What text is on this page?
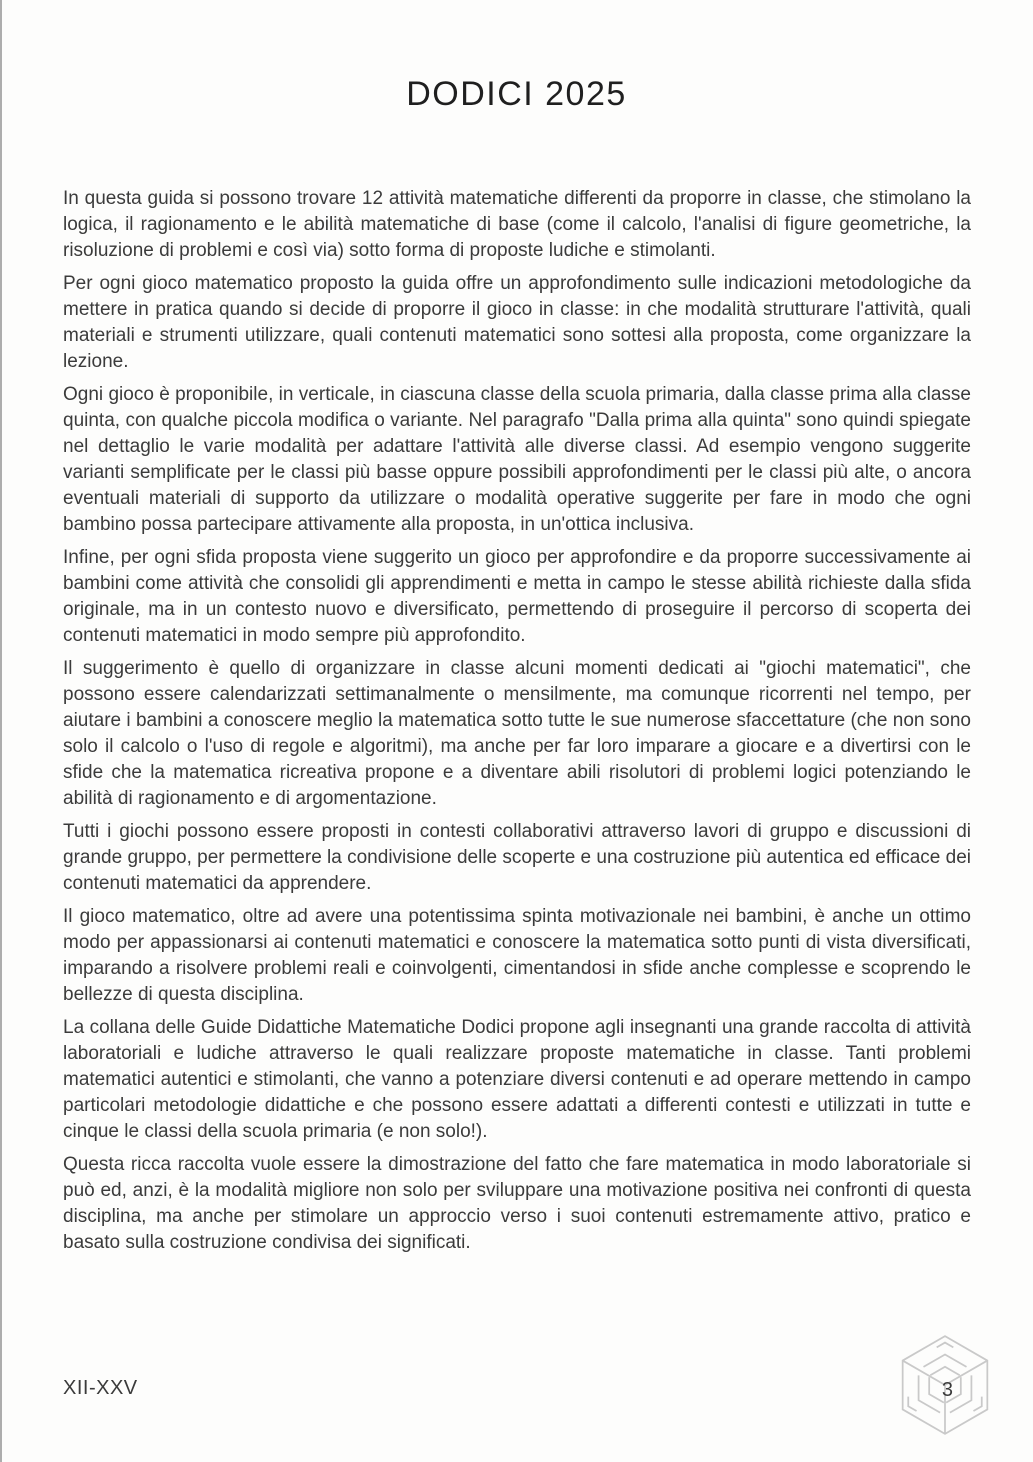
DODICI 2025

In questa guida si possono trovare 12 attività matematiche differenti da proporre in classe, che stimolano la logica, il ragionamento e le abilità matematiche di base (come il calcolo, l'analisi di figure geometriche, la risoluzione di problemi e così via) sotto forma di proposte ludiche e stimolanti.

Per ogni gioco matematico proposto la guida offre un approfondimento sulle indicazioni metodologiche da mettere in pratica quando si decide di proporre il gioco in classe: in che modalità strutturare l'attività, quali materiali e strumenti utilizzare, quali contenuti matematici sono sottesi alla proposta, come organizzare la lezione.

Ogni gioco è proponibile, in verticale, in ciascuna classe della scuola primaria, dalla classe prima alla classe quinta, con qualche piccola modifica o variante. Nel paragrafo "Dalla prima alla quinta" sono quindi spiegate nel dettaglio le varie modalità per adattare l'attività alle diverse classi. Ad esempio vengono suggerite varianti semplificate per le classi più basse oppure possibili approfondimenti per le classi più alte, o ancora eventuali materiali di supporto da utilizzare o modalità operative suggerite per fare in modo che ogni bambino possa partecipare attivamente alla proposta, in un'ottica inclusiva.

Infine, per ogni sfida proposta viene suggerito un gioco per approfondire e da proporre successivamente ai bambini come attività che consolidi gli apprendimenti e metta in campo le stesse abilità richieste dalla sfida originale, ma in un contesto nuovo e diversificato, permettendo di proseguire il percorso di scoperta dei contenuti matematici in modo sempre più approfondito.

Il suggerimento è quello di organizzare in classe alcuni momenti dedicati ai "giochi matematici", che possono essere calendarizzati settimanalmente o mensilmente, ma comunque ricorrenti nel tempo, per aiutare i bambini a conoscere meglio la matematica sotto tutte le sue numerose sfaccettature (che non sono solo il calcolo o l'uso di regole e algoritmi), ma anche per far loro imparare a giocare e a divertirsi con le sfide che la matematica ricreativa propone e a diventare abili risolutori di problemi logici potenziando le abilità di ragionamento e di argomentazione.

Tutti i giochi possono essere proposti in contesti collaborativi attraverso lavori di gruppo e discussioni di grande gruppo, per permettere la condivisione delle scoperte e una costruzione più autentica ed efficace dei contenuti matematici da apprendere.

Il gioco matematico, oltre ad avere una potentissima spinta motivazionale nei bambini, è anche un ottimo modo per appassionarsi ai contenuti matematici e conoscere la matematica sotto punti di vista diversificati, imparando a risolvere problemi reali e coinvolgenti, cimentandosi in sfide anche complesse e scoprendo le bellezze di questa disciplina.

La collana delle Guide Didattiche Matematiche Dodici propone agli insegnanti una grande raccolta di attività laboratoriali e ludiche attraverso le quali realizzare proposte matematiche in classe. Tanti problemi matematici autentici e stimolanti, che vanno a potenziare diversi contenuti e ad operare mettendo in campo particolari metodologie didattiche e che possono essere adattati a differenti contesti e utilizzati in tutte e cinque le classi della scuola primaria (e non solo!).

Questa ricca raccolta vuole essere la dimostrazione del fatto che fare matematica in modo laboratoriale si può ed, anzi, è la modalità migliore non solo per sviluppare una motivazione positiva nei confronti di questa disciplina, ma anche per stimolare un approccio verso i suoi contenuti estremamente attivo, pratico e basato sulla costruzione condivisa dei significati.

XII-XXV	3
